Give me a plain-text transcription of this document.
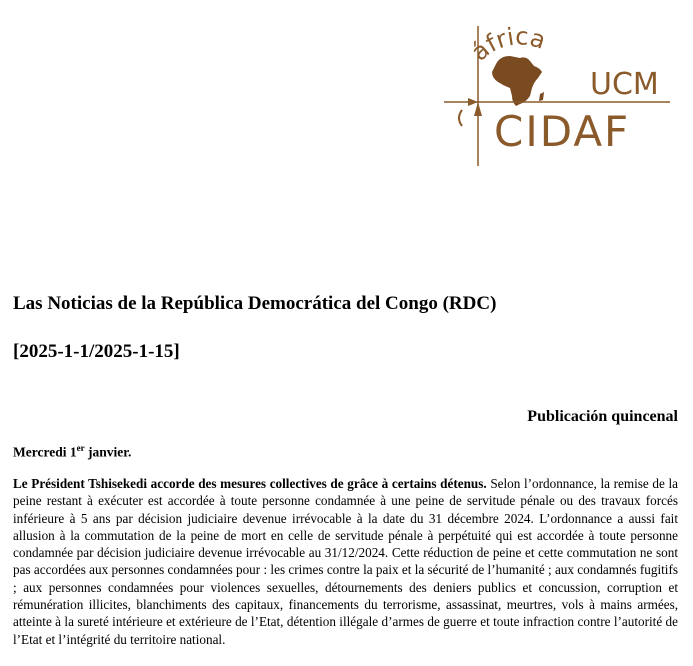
áfrica
UCM
CIDAF
Las Noticias de la República Democrática del Congo (RDC)
[2025-1-1/2025-1-15]
Publicación quincenal
Mercredi 1er janvier.

Le Président Tshisekedi accorde des mesures collectives de grâce à certains détenus. Selon l’ordonnance, la remise de la peine restant à exécuter est accordée à toute personne condamnée à une peine de servitude pénale ou des travaux forcés inférieure à 5 ans par décision judiciaire devenue irrévocable à la date du 31 décembre 2024. L’ordonnance a aussi fait allusion à la commutation de la peine de mort en celle de servitude pénale à perpétuité qui est accordée à toute personne condamnée par décision judiciaire devenue irrévocable au 31/12/2024. Cette réduction de peine et cette commutation ne sont pas accordées aux personnes condamnées pour : les crimes contre la paix et la sécurité de l’humanité ; aux condamnés fugitifs ; aux personnes condamnées pour violences sexuelles, détournements des deniers publics et concussion, corruption et rémunération illicites, blanchiments des capitaux, financements du terrorisme, assassinat, meurtres, vols à mains armées, atteinte à la sureté intérieure et extérieure de l’Etat, détention illégale d’armes de guerre et toute infraction contre l’autorité de l’Etat et l’intégrité du territoire national.
